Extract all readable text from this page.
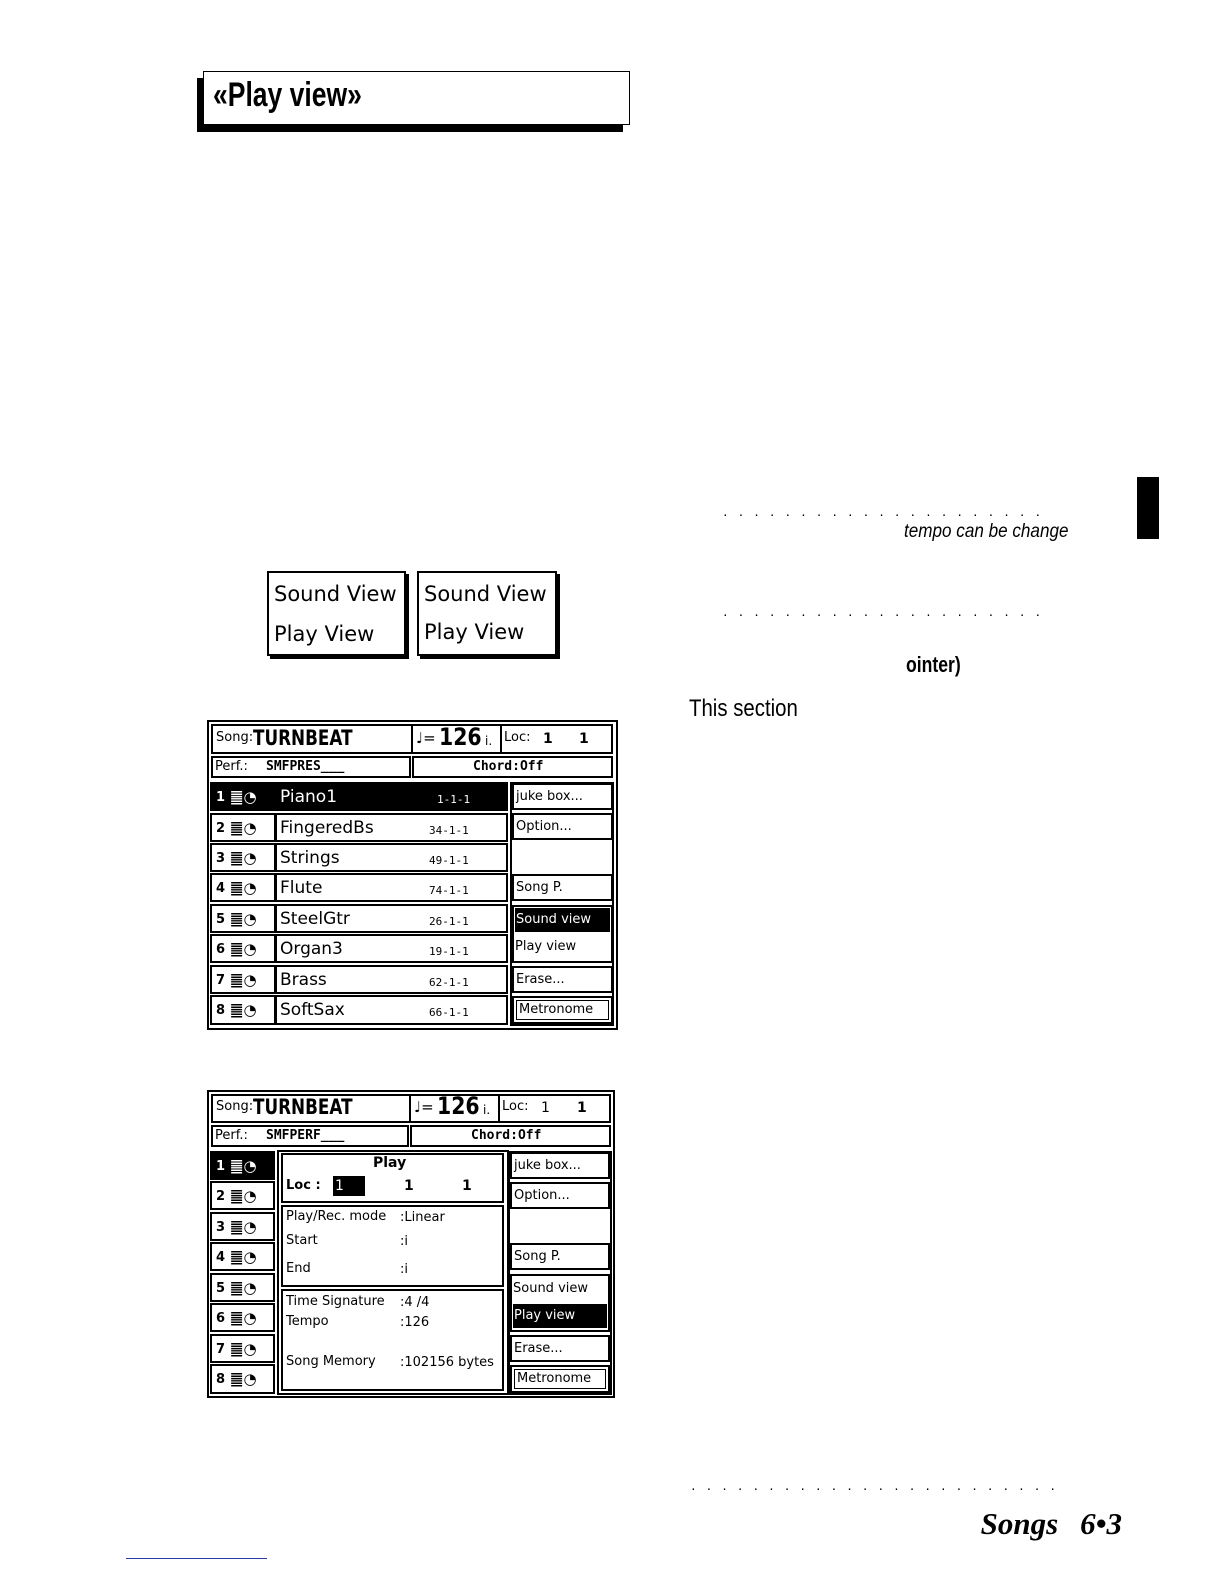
«Play view»
.....................
tempo can be change
.....................
ointer)
This section
........................
Songs 6•3
Sound View
Play View
Sound View
Play View
Song: TURNBEAT	♩= 126 i. Loc: 1 1
Perf.: SMFPRES___	Chord:Off
1 ䷀◔ Piano1	1-1-1
2 ䷀◔ FingeredBs	34-1-1
3 ䷀◔ Strings	49-1-1
4 ䷀◔ Flute	74-1-1
5 ䷀◔ SteelGtr	26-1-1
6 ䷀◔ Organ3	19-1-1
7 ䷀◔ Brass	62-1-1
8 ䷀◔ SoftSax	66-1-1
juke box...
Option...
Song P.
Sound view
Play view
Erase...
Metronome
Song: TURNBEAT	♩= 126 i. Loc: 1 1
Perf.: SMFPERF___	Chord:Off
1 ䷀◔
2 ䷀◔
3 ䷀◔
4 ䷀◔
5 ䷀◔
6 ䷀◔
7 ䷀◔
8 ䷀◔
Play
Loc : 1	1	1
Play/Rec. mode :Linear
Start	:i
End	:i
Time Signature :4 /4
Tempo	:126
Song Memory :102156 bytes
juke box...
Option...
Song P.
Sound view
Play view
Erase...
Metronome
